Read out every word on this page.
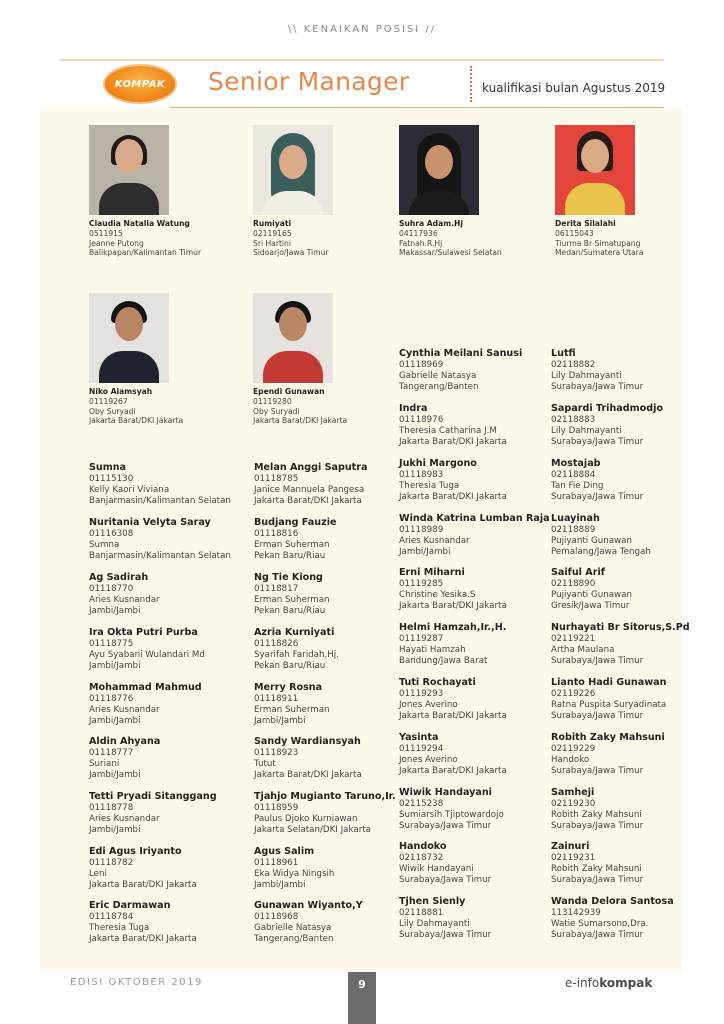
\\ KENAIKAN POSISI //
KOMPAK Senior Manager	kualifikasi bulan Agustus 2019
Claudia Natalia Watung
0511915
Jeanne Putong
Balikpapan/Kalimantan Timur
Rumiyati
02119165
Sri Hartini
Sidoarjo/Jawa Timur
Suhra Adam.Hj
04117936
Fatnah.R.Hj
Makassar/Sulawesi Selatan
Derita Silalahi
06115043
Tiurma Br Simatupang
Medan/Sumatera Utara
Niko Alamsyah
01119267
Oby Suryadi
Jakarta Barat/DKI Jakarta
Ependi Gunawan
01119280
Oby Suryadi
Jakarta Barat/DKI Jakarta
Sumna
01115130
Kelly Kaori Viviana
Banjarmasin/Kalimantan Selatan
Nuritania Velyta Saray
01116308
Sumna
Banjarmasin/Kalimantan Selatan
Ag Sadirah
01118770
Aries Kusnandar
Jambi/Jambi
Ira Okta Putri Purba
01118775
Ayu Syabani Wulandari Md
Jambi/Jambi
Mohammad Mahmud
01118776
Aries Kusnandar
Jambi/Jambi
Aldin Ahyana
01118777
Suriani
Jambi/Jambi
Tetti Pryadi Sitanggang
01118778
Aries Kusnandar
Jambi/Jambi
Edi Agus Iriyanto
01118782
Leni
Jakarta Barat/DKI Jakarta
Eric Darmawan
01118784
Theresia Tuga
Jakarta Barat/DKI Jakarta
Melan Anggi Saputra
01118785
Janice Mannuela Pangesa
Jakarta Barat/DKI Jakarta
Budjang Fauzie
01118816
Erman Suherman
Pekan Baru/Riau
Ng Tie Kiong
01118817
Erman Suherman
Pekan Baru/Riau
Azria Kurniyati
01118826
Syarifah Faridah,Hj.
Pekan Baru/Riau
Merry Rosna
01118911
Erman Suherman
Jambi/Jambi
Sandy Wardiansyah
01118923
Tutut
Jakarta Barat/DKI Jakarta
Tjahjo Mugianto Taruno,Ir.
01118959
Paulus Djoko Kurniawan
Jakarta Selatan/DKI Jakarta
Agus Salim
01118961
Eka Widya Ningsih
Jambi/Jambi
Gunawan Wiyanto,Y
01118968
Gabrielle Natasya
Tangerang/Banten
Cynthia Meilani Sanusi
01118969
Gabrielle Natasya
Tangerang/Banten
Indra
01118976
Theresia Catharina J.M
Jakarta Barat/DKI Jakarta
Jukhi Margono
01118983
Theresia Tuga
Jakarta Barat/DKI Jakarta
Winda Katrina Lumban Raja
01118989
Aries Kusnandar
Jambi/Jambi
Erni Miharni
01119285
Christine Yesika.S
Jakarta Barat/DKI Jakarta
Helmi Hamzah,Ir.,H.
01119287
Hayati Hamzah
Bandung/Jawa Barat
Tuti Rochayati
01119293
Jones Averino
Jakarta Barat/DKI Jakarta
Yasinta
01119294
Jones Averino
Jakarta Barat/DKI Jakarta
Wiwik Handayani
02115238
Sumiarsih Tjiptowardojo
Surabaya/Jawa Timur
Handoko
02118732
Wiwik Handayani
Surabaya/Jawa Timur
Tjhen Sienly
02118881
Lily Dahmayanti
Surabaya/Jawa Timur
Lutfi
02118882
Lily Dahmayanti
Surabaya/Jawa Timur
Sapardi Trihadmodjo
02118883
Lily Dahmayanti
Surabaya/Jawa Timur
Mostajab
02118884
Tan Fie Ding
Surabaya/Jawa Timur
Luayinah
02118889
Pujiyanti Gunawan
Pemalang/Jawa Tengah
Saiful Arif
02118890
Pujiyanti Gunawan
Gresik/Jawa Timur
Nurhayati Br Sitorus,S.Pd
02119221
Artha Maulana
Surabaya/Jawa Timur
Lianto Hadi Gunawan
02119226
Ratna Puspita Suryadinata
Surabaya/Jawa Timur
Robith Zaky Mahsuni
02119229
Handoko
Surabaya/Jawa Timur
Samheji
02119230
Robith Zaky Mahsuni
Surabaya/Jawa Timur
Zainuri
02119231
Robith Zaky Mahsuni
Surabaya/Jawa Timur
Wanda Delora Santosa
113142939
Watie Sumarsono,Dra.
Surabaya/Jawa Timur
EDISI OKTOBER 2019	9	e-infokompak
